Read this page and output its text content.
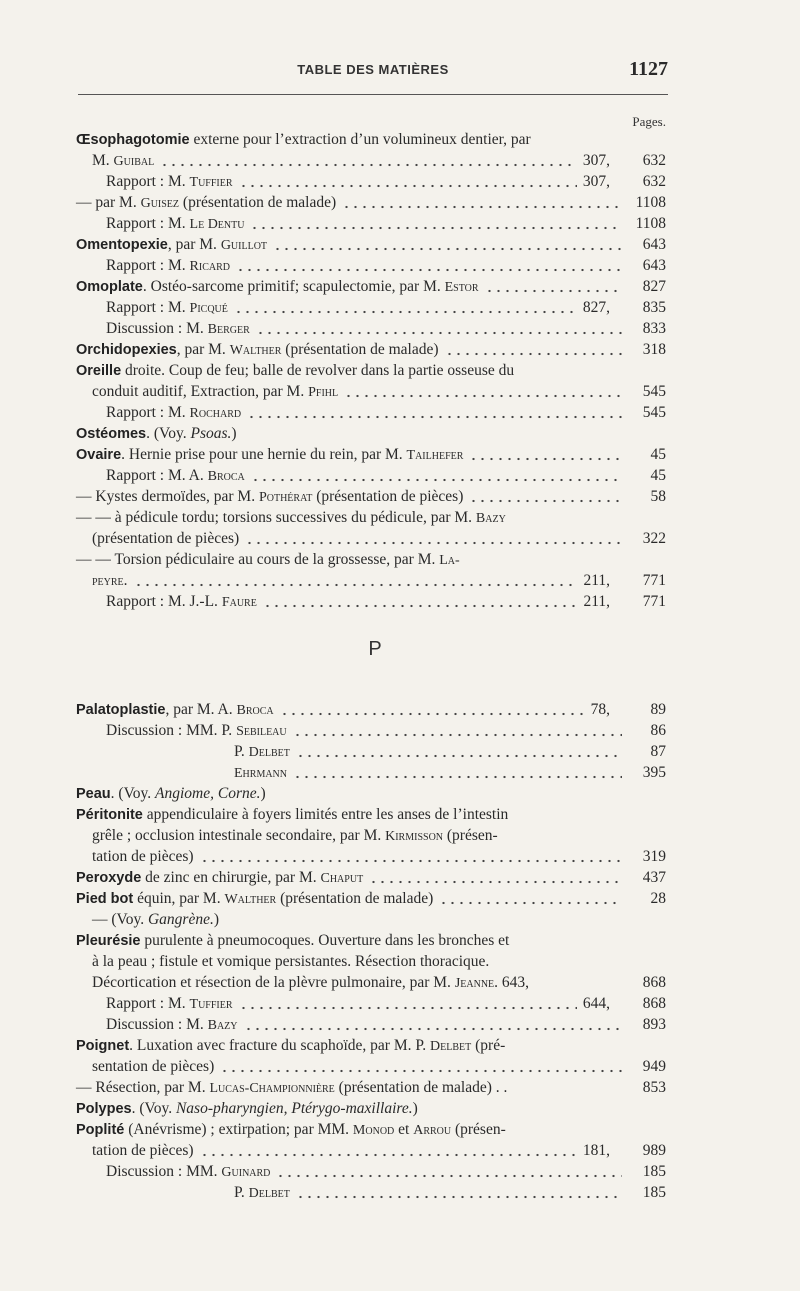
TABLE DES MATIÈRES	1127
Pages.
P
Œsophagotomie externe pour l’extraction d’un volumineux dentier, par
M. Guibal	307,	632
Rapport : M. Tuffier	307,	632
— par M. Guisez (présentation de malade)	1108
Rapport : M. Le Dentu	1108
Omentopexie, par M. Guillot	643
Rapport : M. Ricard	643
Omoplate. Ostéo-sarcome primitif; scapulectomie, par M. Estor	827
Rapport : M. Picqué	827,	835
Discussion : M. Berger	833
Orchidopexies, par M. Walther (présentation de malade)	318
Oreille droite. Coup de feu; balle de revolver dans la partie osseuse du
conduit auditif, Extraction, par M. Pfihl	545
Rapport : M. Rochard	545
Ostéomes. (Voy. Psoas.)
Ovaire. Hernie prise pour une hernie du rein, par M. Tailhefer	45
Rapport : M. A. Broca	45
— Kystes dermoïdes, par M. Pothérat (présentation de pièces)	58
— — à pédicule tordu; torsions successives du pédicule, par M. Bazy
(présentation de pièces)	322
— — Torsion pédiculaire au cours de la grossesse, par M. La-
peyre.	211,	771
Rapport : M. J.-L. Faure	211,	771
Palatoplastie, par M. A. Broca	78,	89
Discussion : MM. P. Sebileau	86
P. Delbet	87
Ehrmann	395
Peau. (Voy. Angiome, Corne.)
Péritonite appendiculaire à foyers limités entre les anses de l’intestin
grêle ; occlusion intestinale secondaire, par M. Kirmisson (présen-
tation de pièces)	319
Peroxyde de zinc en chirurgie, par M. Chaput	437
Pied bot équin, par M. Walther (présentation de malade)	28
— (Voy. Gangrène.)
Pleurésie purulente à pneumocoques. Ouverture dans les bronches et
à la peau ; fistule et vomique persistantes. Résection thoracique.
Décortication et résection de la plèvre pulmonaire, par M. Jeanne. 643,	868
Rapport : M. Tuffier	644,	868
Discussion : M. Bazy	893
Poignet. Luxation avec fracture du scaphoïde, par M. P. Delbet (pré-
sentation de pièces)	949
— Résection, par M. Lucas-Championnière (présentation de malade) . .	853
Polypes. (Voy. Naso-pharyngien, Ptérygo-maxillaire.)
Poplité (Anévrisme) ; extirpation; par MM. Monod et Arrou (présen-
tation de pièces)	181,	989
Discussion : MM. Guinard	185
P. Delbet	185
